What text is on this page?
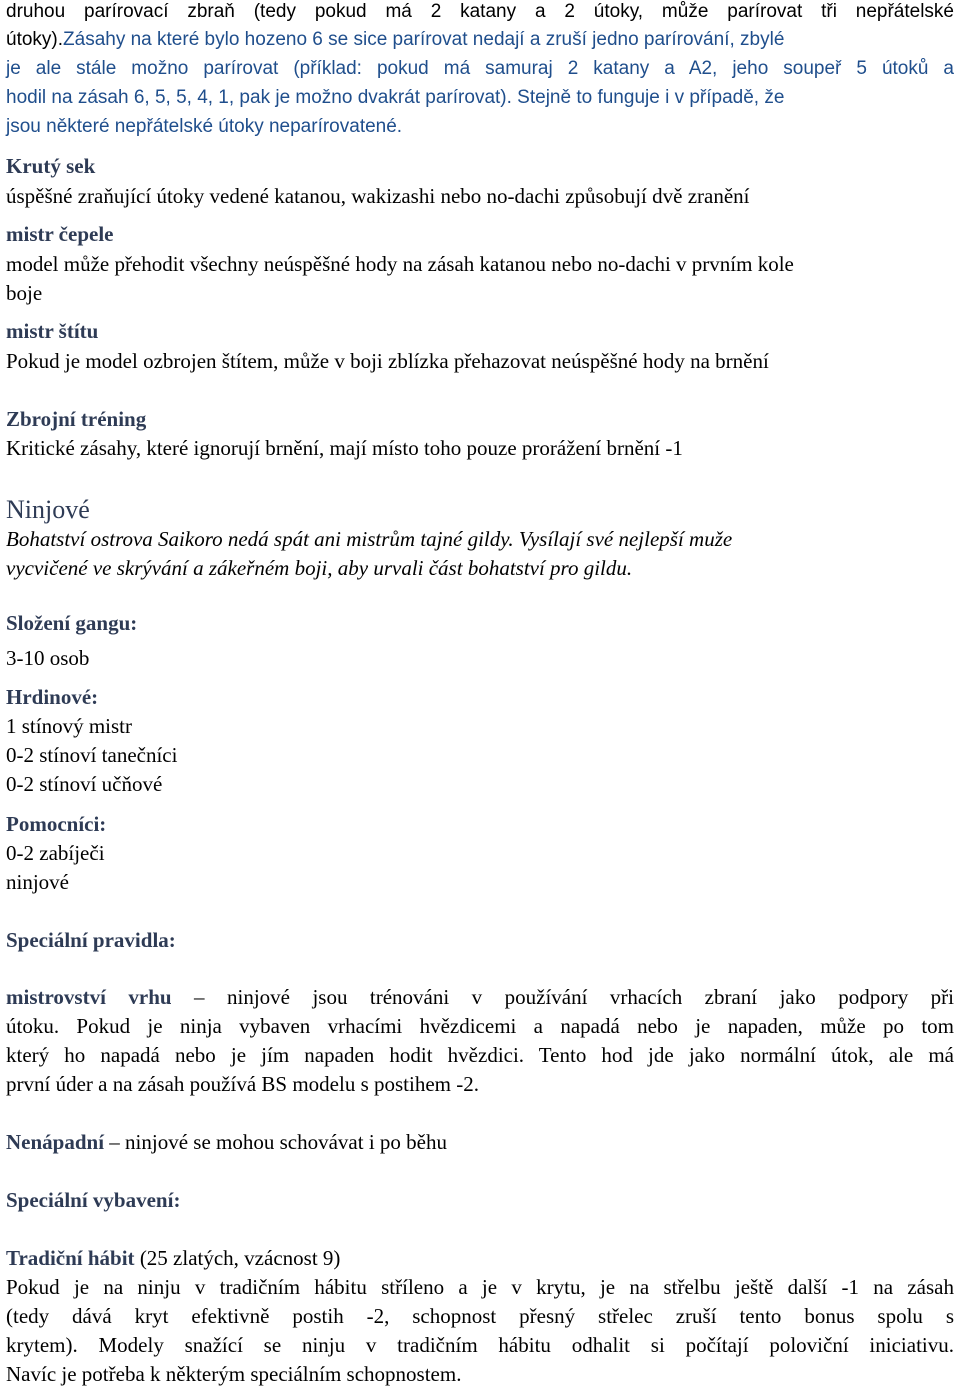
druhou parírovací zbraň (tedy pokud má 2 katany a 2 útoky, může parírovat tři nepřátelské
útoky).Zásahy na které bylo hozeno 6 se sice parírovat nedají a zruší jedno parírování, zbylé
je ale stále možno parírovat (příklad: pokud má samuraj 2 katany a A2, jeho soupeř 5 útoků a
hodil na zásah 6, 5, 5, 4, 1, pak je možno dvakrát parírovat). Stejně to funguje i v případě, že
jsou některé nepřátelské útoky neparírovatené.
Krutý sek
úspěšné zraňující útoky vedené katanou, wakizashi nebo no-dachi způsobují dvě zranění
mistr čepele
model může přehodit všechny neúspěšné hody na zásah katanou nebo no-dachi v prvním kole
boje
mistr štítu
Pokud je model ozbrojen štítem, může v boji zblízka přehazovat neúspěšné hody na brnění
Zbrojní tréning
Kritické zásahy, které ignorují brnění, mají místo toho pouze prorážení brnění -1
Ninjové
Bohatství ostrova Saikoro nedá spát ani mistrům tajné gildy. Vysílají své nejlepší muže
vycvičené ve skrývání a zákeřném boji, aby urvali část bohatství pro gildu.
Složení gangu:
3-10 osob
Hrdinové:
1 stínový mistr
0-2 stínoví tanečníci
0-2 stínoví učňové
Pomocníci:
0-2 zabíječi
ninjové
Speciální pravidla:
mistrovství vrhu – ninjové jsou trénováni v používání vrhacích zbraní jako podpory při
útoku. Pokud je ninja vybaven vrhacími hvězdicemi a napadá nebo je napaden, může po tom
který ho napadá nebo je jím napaden hodit hvězdici. Tento hod jde jako normální útok, ale má
první úder a na zásah používá BS modelu s postihem -2.
Nenápadní – ninjové se mohou schovávat i po běhu
Speciální vybavení:
Tradiční hábit (25 zlatých, vzácnost 9)
Pokud je na ninju v tradičním hábitu stříleno a je v krytu, je na střelbu ještě další -1 na zásah
(tedy dává kryt efektivně postih -2, schopnost přesný střelec zruší tento bonus spolu s
krytem). Modely snažící se ninju v tradičním hábitu odhalit si počítají poloviční iniciativu.
Navíc je potřeba k některým speciálním schopnostem.
